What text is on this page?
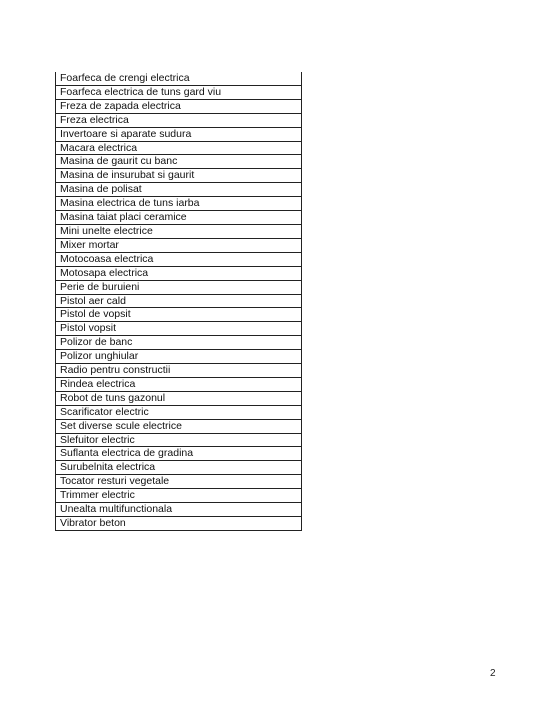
Foarfeca de crengi electrica
Foarfeca electrica de tuns gard viu
Freza de zapada electrica
Freza electrica
Invertoare si aparate sudura
Macara electrica
Masina de gaurit cu banc
Masina de insurubat si gaurit
Masina de polisat
Masina electrica de tuns iarba
Masina taiat placi ceramice
Mini unelte electrice
Mixer mortar
Motocoasa electrica
Motosapa electrica
Perie de buruieni
Pistol aer cald
Pistol de vopsit
Pistol vopsit
Polizor de banc
Polizor unghiular
Radio pentru constructii
Rindea electrica
Robot de tuns gazonul
Scarificator electric
Set diverse scule electrice
Slefuitor electric
Suflanta electrica de gradina
Surubelnita electrica
Tocator resturi vegetale
Trimmer electric
Unealta multifunctionala
Vibrator beton
2
